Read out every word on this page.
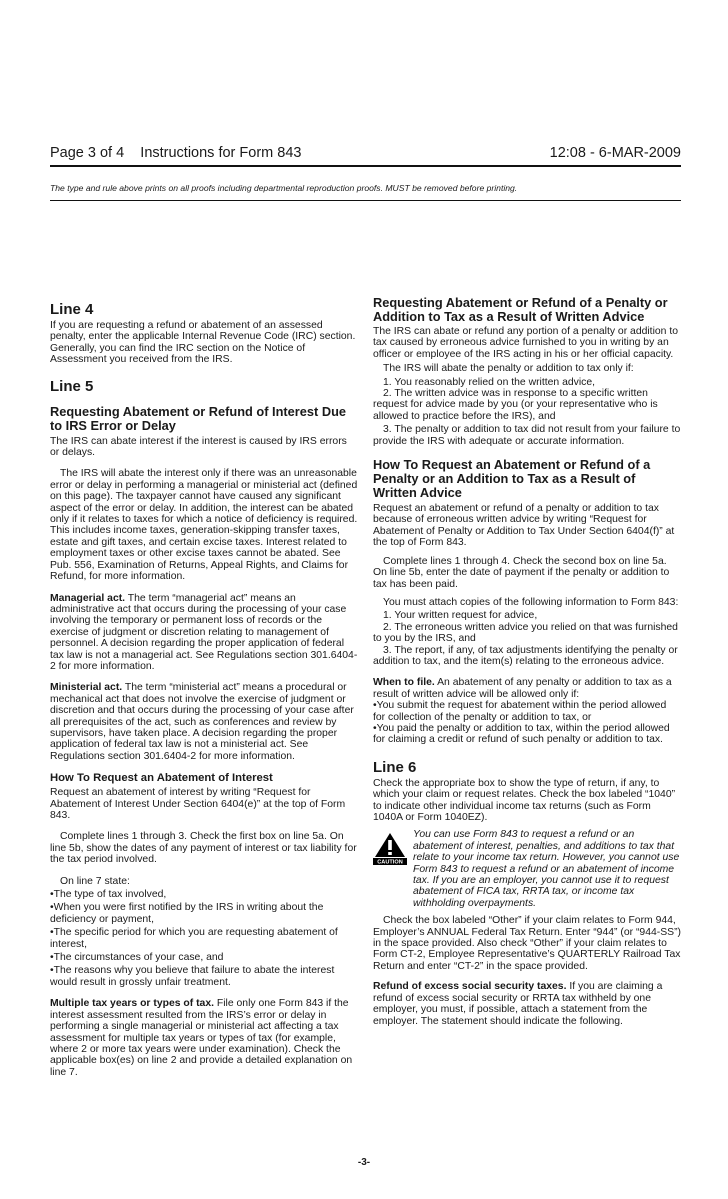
Page 3 of 4    Instructions for Form 843	12:08 - 6-MAR-2009
The type and rule above prints on all proofs including departmental reproduction proofs. MUST be removed before printing.

Line 4

If you are requesting a refund or abatement of an assessed penalty, enter the applicable Internal Revenue Code (IRC) section. Generally, you can find the IRC section on the Notice of Assessment you received from the IRS.

Line 5

Requesting Abatement or Refund of Interest Due to IRS Error or Delay

The IRS can abate interest if the interest is caused by IRS errors or delays.

The IRS will abate the interest only if there was an unreasonable error or delay in performing a managerial or ministerial act (defined on this page). The taxpayer cannot have caused any significant aspect of the error or delay. In addition, the interest can be abated only if it relates to taxes for which a notice of deficiency is required. This includes income taxes, generation-skipping transfer taxes, estate and gift taxes, and certain excise taxes. Interest related to employment taxes or other excise taxes cannot be abated. See Pub. 556, Examination of Returns, Appeal Rights, and Claims for Refund, for more information.

Managerial act. The term “managerial act” means an administrative act that occurs during the processing of your case involving the temporary or permanent loss of records or the exercise of judgment or discretion relating to management of personnel. A decision regarding the proper application of federal tax law is not a managerial act. See Regulations section 301.6404-2 for more information.

Ministerial act. The term “ministerial act” means a procedural or mechanical act that does not involve the exercise of judgment or discretion and that occurs during the processing of your case after all prerequisites of the act, such as conferences and review by supervisors, have taken place. A decision regarding the proper application of federal tax law is not a ministerial act. See Regulations section 301.6404-2 for more information.

How To Request an Abatement of Interest

Request an abatement of interest by writing “Request for Abatement of Interest Under Section 6404(e)” at the top of Form 843.

Complete lines 1 through 3. Check the first box on line 5a. On line 5b, show the dates of any payment of interest or tax liability for the tax period involved.

On line 7 state:

• The type of tax involved,

• When you were first notified by the IRS in writing about the deficiency or payment,

• The specific period for which you are requesting abatement of interest,

• The circumstances of your case, and

• The reasons why you believe that failure to abate the interest would result in grossly unfair treatment.

Multiple tax years or types of tax. File only one Form 843 if the interest assessment resulted from the IRS’s error or delay in performing a single managerial or ministerial act affecting a tax assessment for multiple tax years or types of tax (for example, where 2 or more tax years were under examination). Check the applicable box(es) on line 2 and provide a detailed explanation on line 7.

Requesting Abatement or Refund of a Penalty or Addition to Tax as a Result of Written Advice

The IRS can abate or refund any portion of a penalty or addition to tax caused by erroneous advice furnished to you in writing by an officer or employee of the IRS acting in his or her official capacity.

The IRS will abate the penalty or addition to tax only if:

1. You reasonably relied on the written advice,

2. The written advice was in response to a specific written request for advice made by you (or your representative who is allowed to practice before the IRS), and

3. The penalty or addition to tax did not result from your failure to provide the IRS with adequate or accurate information.

How To Request an Abatement or Refund of a Penalty or an Addition to Tax as a Result of Written Advice

Request an abatement or refund of a penalty or addition to tax because of erroneous written advice by writing “Request for Abatement of Penalty or Addition to Tax Under Section 6404(f)” at the top of Form 843.

Complete lines 1 through 4. Check the second box on line 5a. On line 5b, enter the date of payment if the penalty or addition to tax has been paid.

You must attach copies of the following information to Form 843:

1. Your written request for advice,

2. The erroneous written advice you relied on that was furnished to you by the IRS, and

3. The report, if any, of tax adjustments identifying the penalty or addition to tax, and the item(s) relating to the erroneous advice.

When to file. An abatement of any penalty or addition to tax as a result of written advice will be allowed only if:

• You submit the request for abatement within the period allowed for collection of the penalty or addition to tax, or

• You paid the penalty or addition to tax, within the period allowed for claiming a credit or refund of such penalty or addition to tax.

Line 6

Check the appropriate box to show the type of return, if any, to which your claim or request relates. Check the box labeled “1040” to indicate other individual income tax returns (such as Form 1040A or Form 1040EZ).

CAUTION

You can use Form 843 to request a refund or an abatement of interest, penalties, and additions to tax that relate to your income tax return. However, you cannot use Form 843 to request a refund or an abatement of income tax. If you are an employer, you cannot use it to request abatement of FICA tax, RRTA tax, or income tax withholding overpayments.

Check the box labeled “Other” if your claim relates to Form 944, Employer’s ANNUAL Federal Tax Return. Enter “944” (or “944-SS”) in the space provided. Also check “Other” if your claim relates to Form CT-2, Employee Representative’s QUARTERLY Railroad Tax Return and enter “CT-2” in the space provided.

Refund of excess social security taxes. If you are claiming a refund of excess social security or RRTA tax withheld by one employer, you must, if possible, attach a statement from the employer. The statement should indicate the following.

-3-
